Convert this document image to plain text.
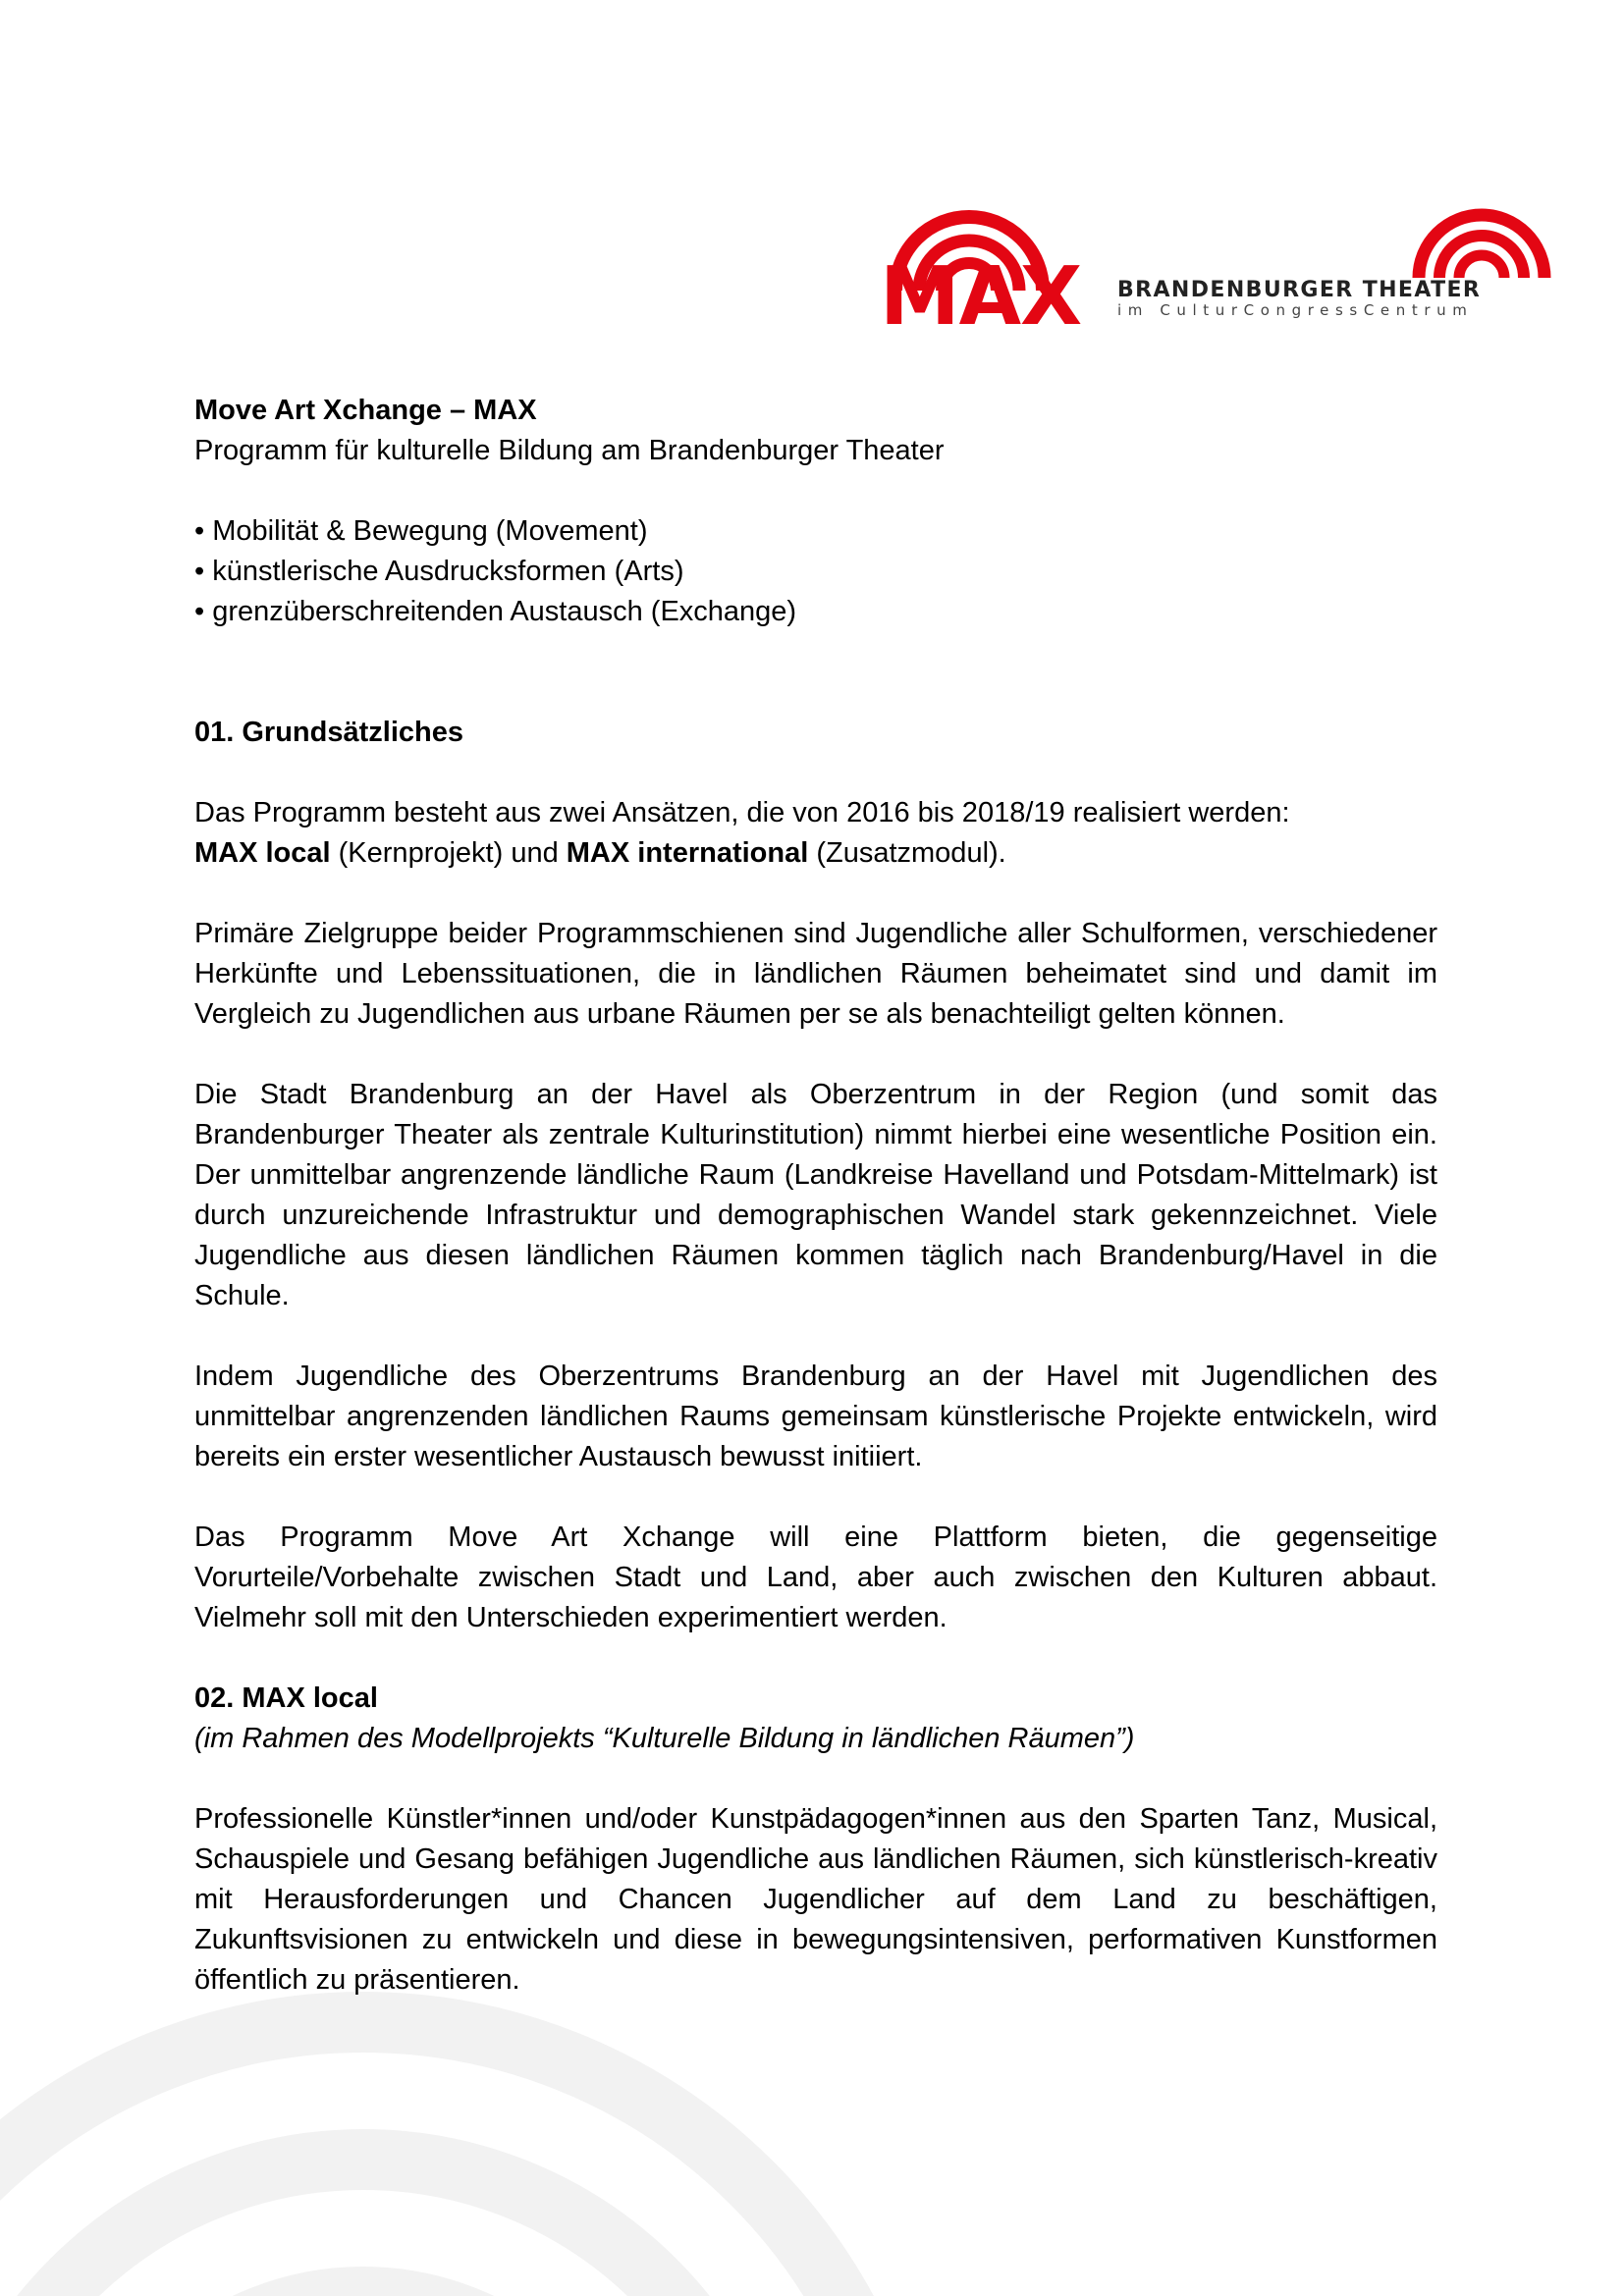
MAX BRANDENBURGER THEATER
im CulturCongressCentrum

Move Art Xchange – MAX

Programm für kulturelle Bildung am Brandenburger Theater

• Mobilität & Bewegung (Movement)
• künstlerische Ausdrucksformen (Arts)
• grenzüberschreitenden Austausch (Exchange)
01. Grundsätzliches

Das Programm besteht aus zwei Ansätzen, die von 2016 bis 2018/19 realisiert werden:

MAX local (Kernprojekt) und MAX international (Zusatzmodul).

Primäre Zielgruppe beider Programmschienen sind Jugendliche aller Schulformen, verschiedener Herkünfte und Lebenssituationen, die in ländlichen Räumen beheimatet sind und damit im Vergleich zu Jugendlichen aus urbane Räumen per se als benachteiligt gelten können.

Die Stadt Brandenburg an der Havel als Oberzentrum in der Region (und somit das Brandenburger Theater als zentrale Kulturinstitution) nimmt hierbei eine wesentliche Position ein. Der unmittelbar angrenzende ländliche Raum (Landkreise Havelland und Potsdam-Mittelmark) ist durch unzureichende Infrastruktur und demographischen Wandel stark gekennzeichnet. Viele Jugendliche aus diesen ländlichen Räumen kommen täglich nach Brandenburg/Havel in die Schule.

Indem Jugendliche des Oberzentrums Brandenburg an der Havel mit Jugendlichen des unmittelbar angrenzenden ländlichen Raums gemeinsam künstlerische Projekte entwickeln, wird bereits ein erster wesentlicher Austausch bewusst initiiert.

Das Programm Move Art Xchange will eine Plattform bieten, die gegenseitige Vorurteile/Vorbehalte zwischen Stadt und Land, aber auch zwischen den Kulturen abbaut. Vielmehr soll mit den Unterschieden experimentiert werden.

02. MAX local

(im Rahmen des Modellprojekts “Kulturelle Bildung in ländlichen Räumen”)

Professionelle Künstler*innen und/oder Kunstpädagogen*innen aus den Sparten Tanz, Musical, Schauspiele und Gesang befähigen Jugendliche aus ländlichen Räumen, sich künstlerisch-kreativ mit Herausforderungen und Chancen Jugendlicher auf dem Land zu beschäftigen, Zukunftsvisionen zu entwickeln und diese in bewegungsintensiven, performativen Kunstformen öffentlich zu präsentieren.
